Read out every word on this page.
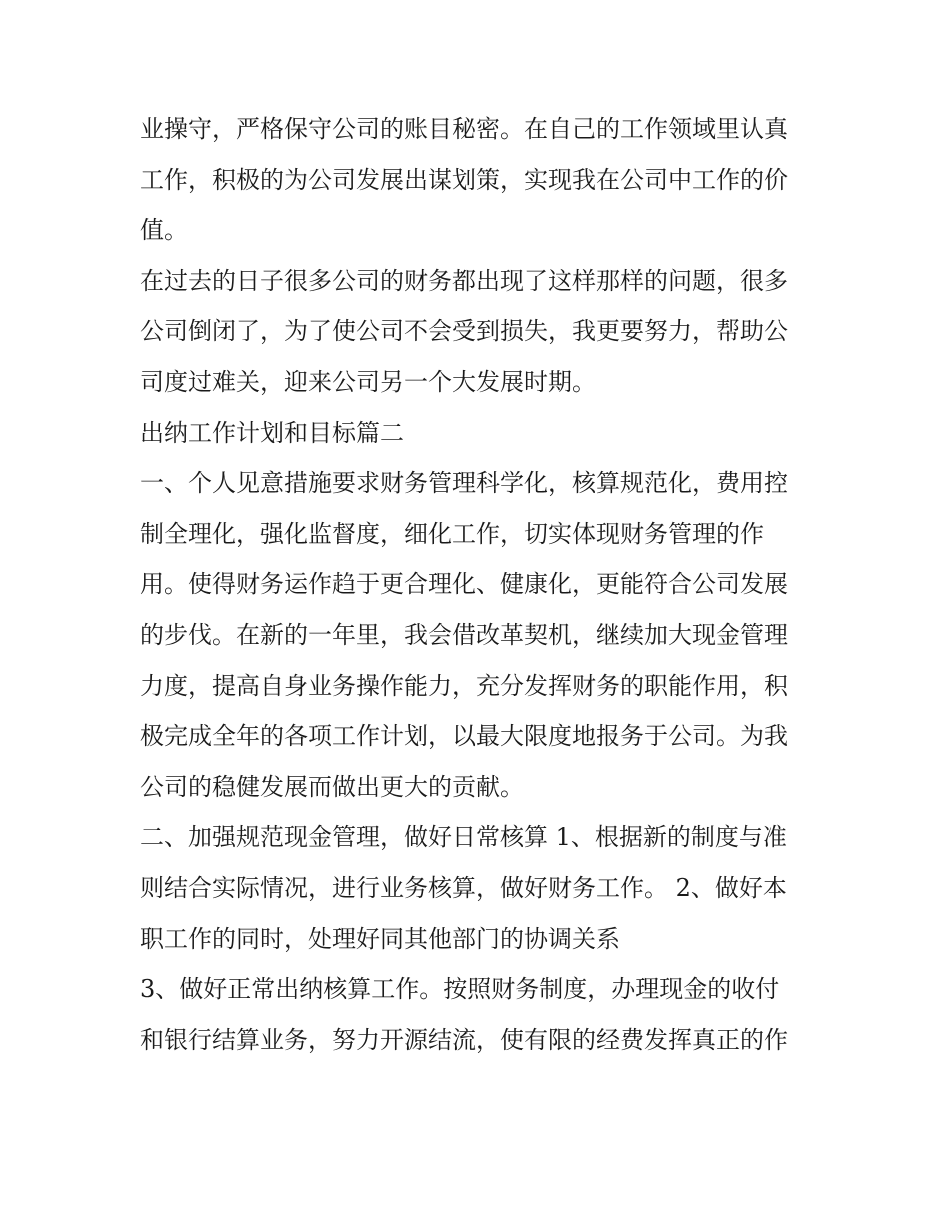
业操守，严格保守公司的账目秘密。在自己的工作领域里认真
工作，积极的为公司发展出谋划策，实现我在公司中工作的价
值。
在过去的日子很多公司的财务都出现了这样那样的问题，很多
公司倒闭了，为了使公司不会受到损失，我更要努力，帮助公
司度过难关，迎来公司另一个大发展时期。
出纳工作计划和目标篇二
一、个人见意措施要求财务管理科学化，核算规范化，费用控
制全理化，强化监督度，细化工作，切实体现财务管理的作
用。使得财务运作趋于更合理化、健康化，更能符合公司发展
的步伐。在新的一年里，我会借改革契机，继续加大现金管理
力度，提高自身业务操作能力，充分发挥财务的职能作用，积
极完成全年的各项工作计划，以最大限度地报务于公司。为我
公司的稳健发展而做出更大的贡献。
二、加强规范现金管理，做好日常核算 1、根据新的制度与准
则结合实际情况，进行业务核算，做好财务工作。 2、做好本
职工作的同时，处理好同其他部门的协调关系
3、做好正常出纳核算工作。按照财务制度，办理现金的收付
和银行结算业务，努力开源结流，使有限的经费发挥真正的作
